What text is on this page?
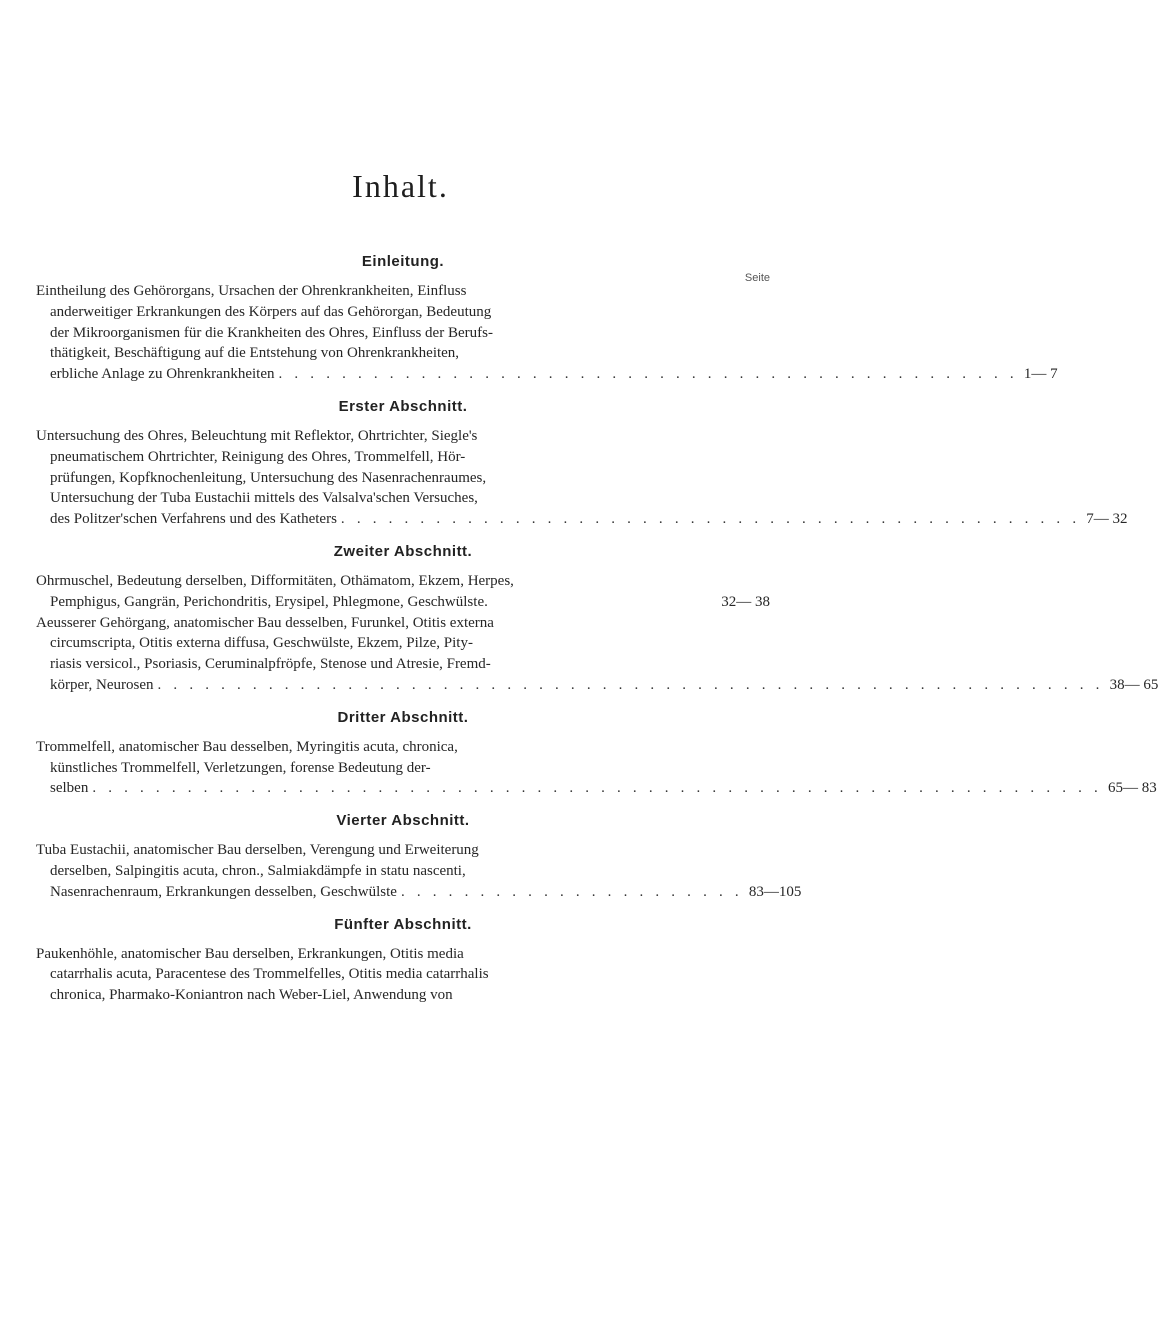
Inhalt.
Seite
Einleitung.
Eintheilung des Gehörorgans, Ursachen der Ohrenkrankheiten, Einfluss
anderweitiger Erkrankungen des Körpers auf das Gehörorgan, Bedeutung
der Mikroorganismen für die Krankheiten des Ohres, Einfluss der Berufs-
thätigkeit, Beschäftigung auf die Entstehung von Ohrenkrankheiten,
erbliche Anlage zu Ohrenkrankheiten . . . . . . . . . . . . . . . . . . . . . . . . . . . . . . . . . . . . . . . . . . . . . . . 1— 7
Erster Abschnitt.
Untersuchung des Ohres, Beleuchtung mit Reflektor, Ohrtrichter, Siegle's
pneumatischem Ohrtrichter, Reinigung des Ohres, Trommelfell, Hör-
prüfungen, Kopfknochenleitung, Untersuchung des Nasenrachenraumes,
Untersuchung der Tuba Eustachii mittels des Valsalva'schen Versuches,
des Politzer'schen Verfahrens und des Katheters . . . . . . . . . . . . . . . . . . . . . . . . . . . . . . . . . . . . . . . . . . . . . . . 7— 32
Zweiter Abschnitt.
Ohrmuschel, Bedeutung derselben, Difformitäten, Othämatom, Ekzem, Herpes,
Pemphigus, Gangrän, Perichondritis, Erysipel, Phlegmone, Geschwülste.	32— 38
Aeusserer Gehörgang, anatomischer Bau desselben, Furunkel, Otitis externa
circumscripta, Otitis externa diffusa, Geschwülste, Ekzem, Pilze, Pity-
riasis versicol., Psoriasis, Ceruminalpfröpfe, Stenose und Atresie, Fremd-
körper, Neurosen . . . . . . . . . . . . . . . . . . . . . . . . . . . . . . . . . . . . . . . . . . . . . . . . . . . . . . . . . . . . 38— 65
Dritter Abschnitt.
Trommelfell, anatomischer Bau desselben, Myringitis acuta, chronica,
künstliches Trommelfell, Verletzungen, forense Bedeutung der-
selben . . . . . . . . . . . . . . . . . . . . . . . . . . . . . . . . . . . . . . . . . . . . . . . . . . . . . . . . . . . . . . . . 65— 83
Vierter Abschnitt.
Tuba Eustachii, anatomischer Bau derselben, Verengung und Erweiterung
derselben, Salpingitis acuta, chron., Salmiakdämpfe in statu nascenti,
Nasenrachenraum, Erkrankungen desselben, Geschwülste . . . . . . . . . . . . . . . . . . . . . . 83—105
Fünfter Abschnitt.
Paukenhöhle, anatomischer Bau derselben, Erkrankungen, Otitis media
catarrhalis acuta, Paracentese des Trommelfelles, Otitis media catarrhalis
chronica, Pharmako-Koniantron nach Weber-Liel, Anwendung von
